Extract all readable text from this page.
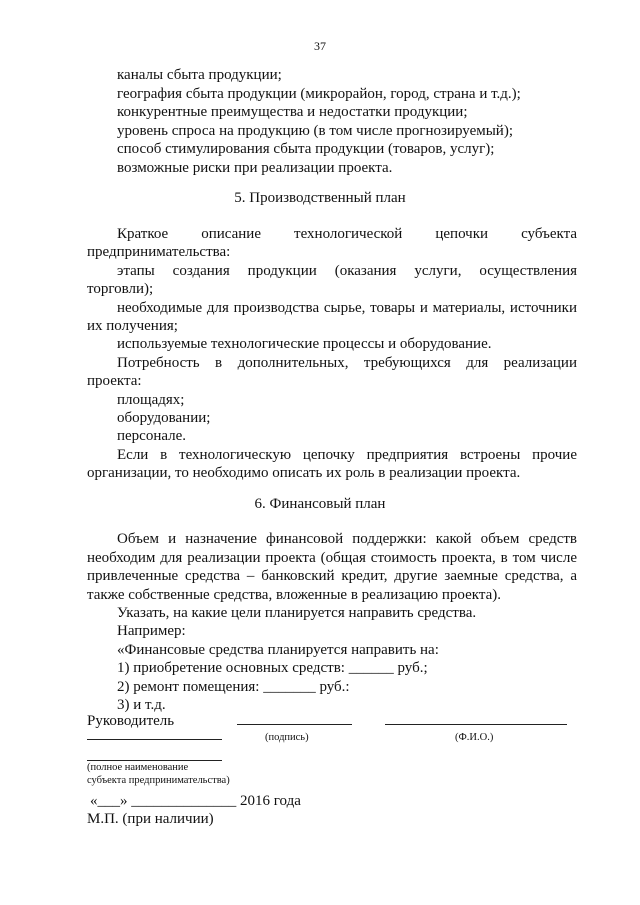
37
каналы сбыта продукции;
география сбыта продукции (микрорайон, город, страна и т.д.);
конкурентные преимущества и недостатки продукции;
уровень спроса на продукцию (в том числе прогнозируемый);
способ стимулирования сбыта продукции (товаров, услуг);
возможные риски при реализации проекта.
5. Производственный план
Краткое описание технологической цепочки субъекта
предпринимательства:
этапы создания продукции (оказания услуги, осуществления
торговли);
необходимые для производства сырье, товары и материалы, источники
их получения;
используемые технологические процессы и оборудование.
Потребность в дополнительных, требующихся для реализации
проекта:
площадях;
оборудовании;
персонале.
Если в технологическую цепочку предприятия встроены прочие
организации, то необходимо описать их роль в реализации проекта.
6. Финансовый план
Объем и назначение финансовой поддержки: какой объем средств
необходим для реализации проекта (общая стоимость проекта, в том числе
привлеченные средства – банковский кредит, другие заемные средства, а
также собственные средства, вложенные в реализацию проекта).
Указать, на какие цели планируется направить средства.
Например:
«Финансовые средства планируется направить на:
1) приобретение основных средств: ______ руб.;
2) ремонт помещения: _______ руб.:
3) и т.д.
Руководитель
(подпись)	(Ф.И.О.)
(полное наименование
субъекта предпринимательства)
«___» ______________ 2016 года
М.П. (при наличии)
